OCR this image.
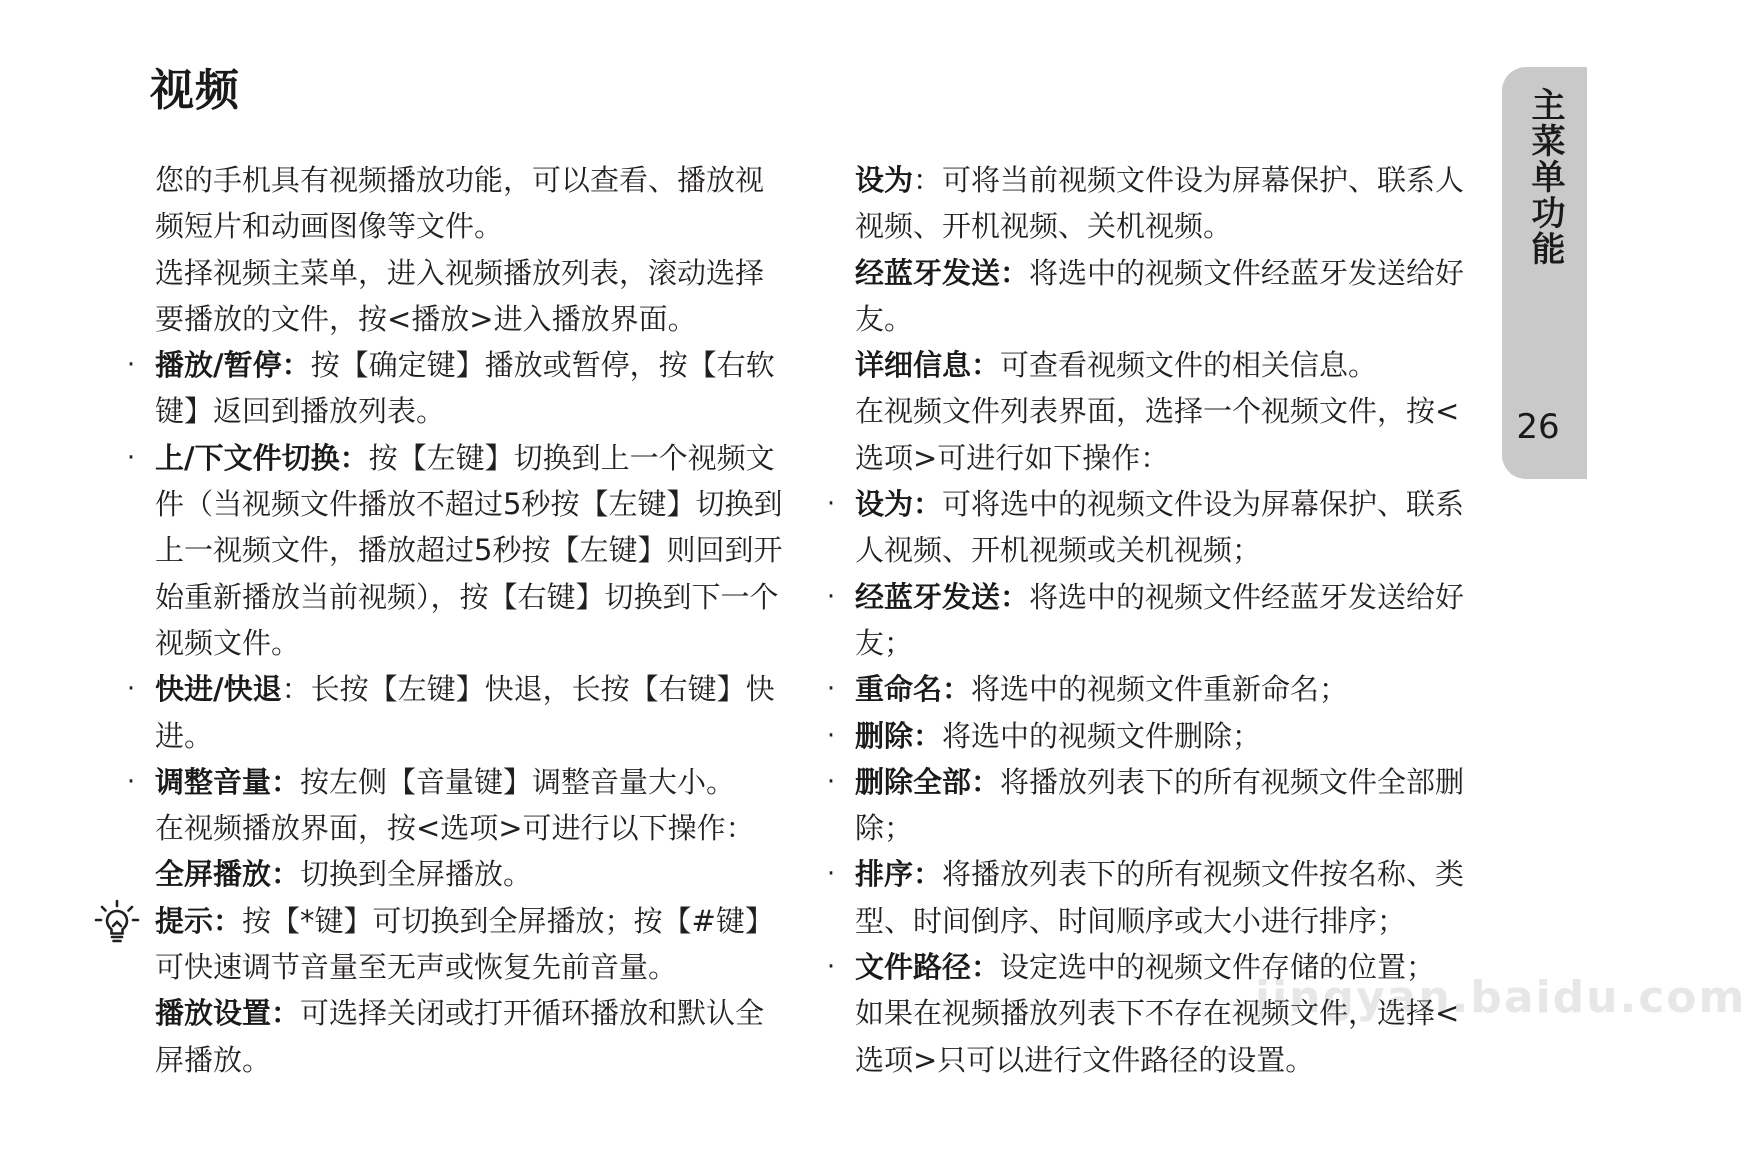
视频

您的手机具有视频播放功能，可以查看、播放视频短片和动画图像等文件。

选择视频主菜单，进入视频播放列表，滚动选择要播放的文件，按<播放>进入播放界面。

· 播放/暂停：按【确定键】播放或暂停，按【右软键】返回到播放列表。

· 上/下文件切换：按【左键】切换到上一个视频文件（当视频文件播放不超过5秒按【左键】切换到上一视频文件，播放超过5秒按【左键】则回到开始重新播放当前视频），按【右键】切换到下一个视频文件。

· 快进/快退：长按【左键】快退，长按【右键】快进。

· 调整音量：按左侧【音量键】调整音量大小。

在视频播放界面，按<选项>可进行以下操作：

全屏播放：切换到全屏播放。

提示：按【*键】可切换到全屏播放；按【#键】可快速调节音量至无声或恢复先前音量。

播放设置：可选择关闭或打开循环播放和默认全屏播放。

设为：可将当前视频文件设为屏幕保护、联系人视频、开机视频、关机视频。

经蓝牙发送：将选中的视频文件经蓝牙发送给好友。

详细信息：可查看视频文件的相关信息。

在视频文件列表界面，选择一个视频文件，按<选项>可进行如下操作：

· 设为：可将选中的视频文件设为屏幕保护、联系人视频、开机视频或关机视频；

· 经蓝牙发送：将选中的视频文件经蓝牙发送给好友；

· 重命名：将选中的视频文件重新命名；

· 删除：将选中的视频文件删除；

· 删除全部：将播放列表下的所有视频文件全部删除；

· 排序：将播放列表下的所有视频文件按名称、类型、时间倒序、时间顺序或大小进行排序；

· 文件路径：设定选中的视频文件存储的位置；

如果在视频播放列表下不存在视频文件，选择<选项>只可以进行文件路径的设置。

主菜单功能
26
jingyan.baidu.com
